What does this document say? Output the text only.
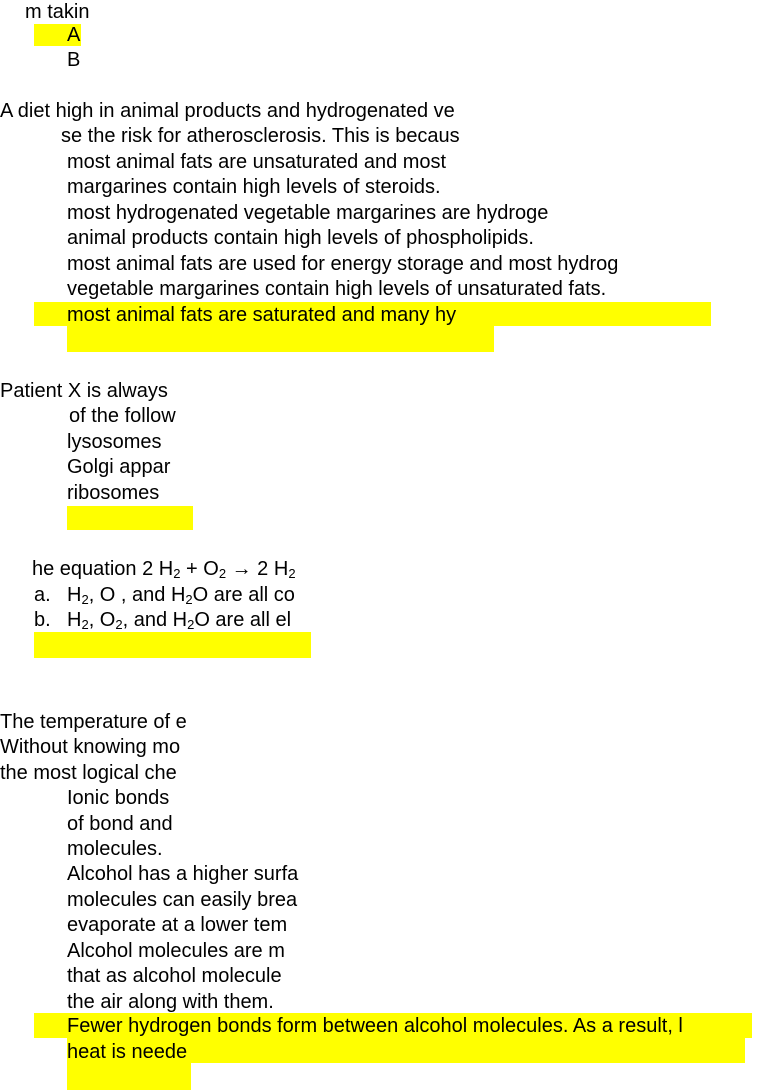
m takin
A
B
A diet high in animal products and hydrogenated ve
se the risk for atherosclerosis. This is becaus
most animal fats are unsaturated and most
margarines contain high levels of steroids.
most hydrogenated vegetable margarines are hydroge
animal products contain high levels of phospholipids.
most animal fats are used for energy storage and most hydrog
vegetable margarines contain high levels of unsaturated fats.
most animal fats are saturated and many hy
Patient X is always
of the follow
lysosomes
Golgi appar
ribosomes
he equation 2 $H_2 + O_2 \to 2$ $H_2$
a. $H_2$, O , and $H_2O$ are all co
b. $H_2$, $O_2$, and $H_2O$ are all el
The temperature of e
Without knowing mo
the most logical che
Ionic bonds
of bond and
molecules.
Alcohol has a higher surfa
molecules can easily brea
evaporate at a lower tem
Alcohol molecules are m
that as alcohol molecule
the air along with them.
Fewer hydrogen bonds form between alcohol molecules. As a result, l
heat is neede
